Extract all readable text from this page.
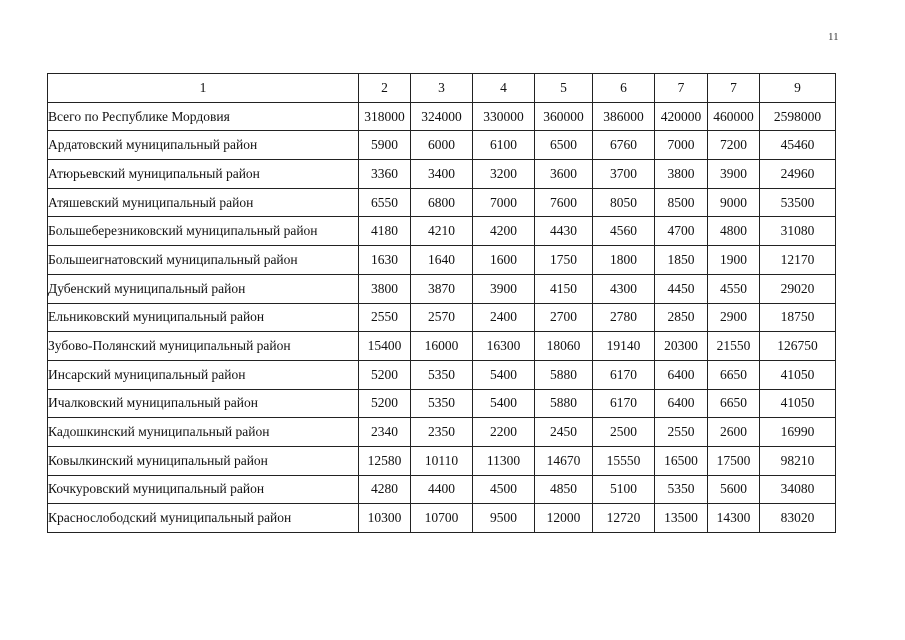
11
1	2	3	4	5	6	7	7	9
Всего по Республике Мордовия	318000	324000	330000	360000	386000	420000	460000	2598000
Ардатовский муниципальный район	5900	6000	6100	6500	6760	7000	7200	45460
Атюрьевский муниципальный район	3360	3400	3200	3600	3700	3800	3900	24960
Атяшевский муниципальный район	6550	6800	7000	7600	8050	8500	9000	53500
Большеберезниковский муниципальный район	4180	4210	4200	4430	4560	4700	4800	31080
Большеигнатовский муниципальный район	1630	1640	1600	1750	1800	1850	1900	12170
Дубенский муниципальный район	3800	3870	3900	4150	4300	4450	4550	29020
Ельниковский муниципальный район	2550	2570	2400	2700	2780	2850	2900	18750
Зубово-Полянский муниципальный район	15400	16000	16300	18060	19140	20300	21550	126750
Инсарский муниципальный район	5200	5350	5400	5880	6170	6400	6650	41050
Ичалковский муниципальный район	5200	5350	5400	5880	6170	6400	6650	41050
Кадошкинский муниципальный район	2340	2350	2200	2450	2500	2550	2600	16990
Ковылкинский муниципальный район	12580	10110	11300	14670	15550	16500	17500	98210
Кочкуровский муниципальный район	4280	4400	4500	4850	5100	5350	5600	34080
Краснослободский муниципальный район	10300	10700	9500	12000	12720	13500	14300	83020
